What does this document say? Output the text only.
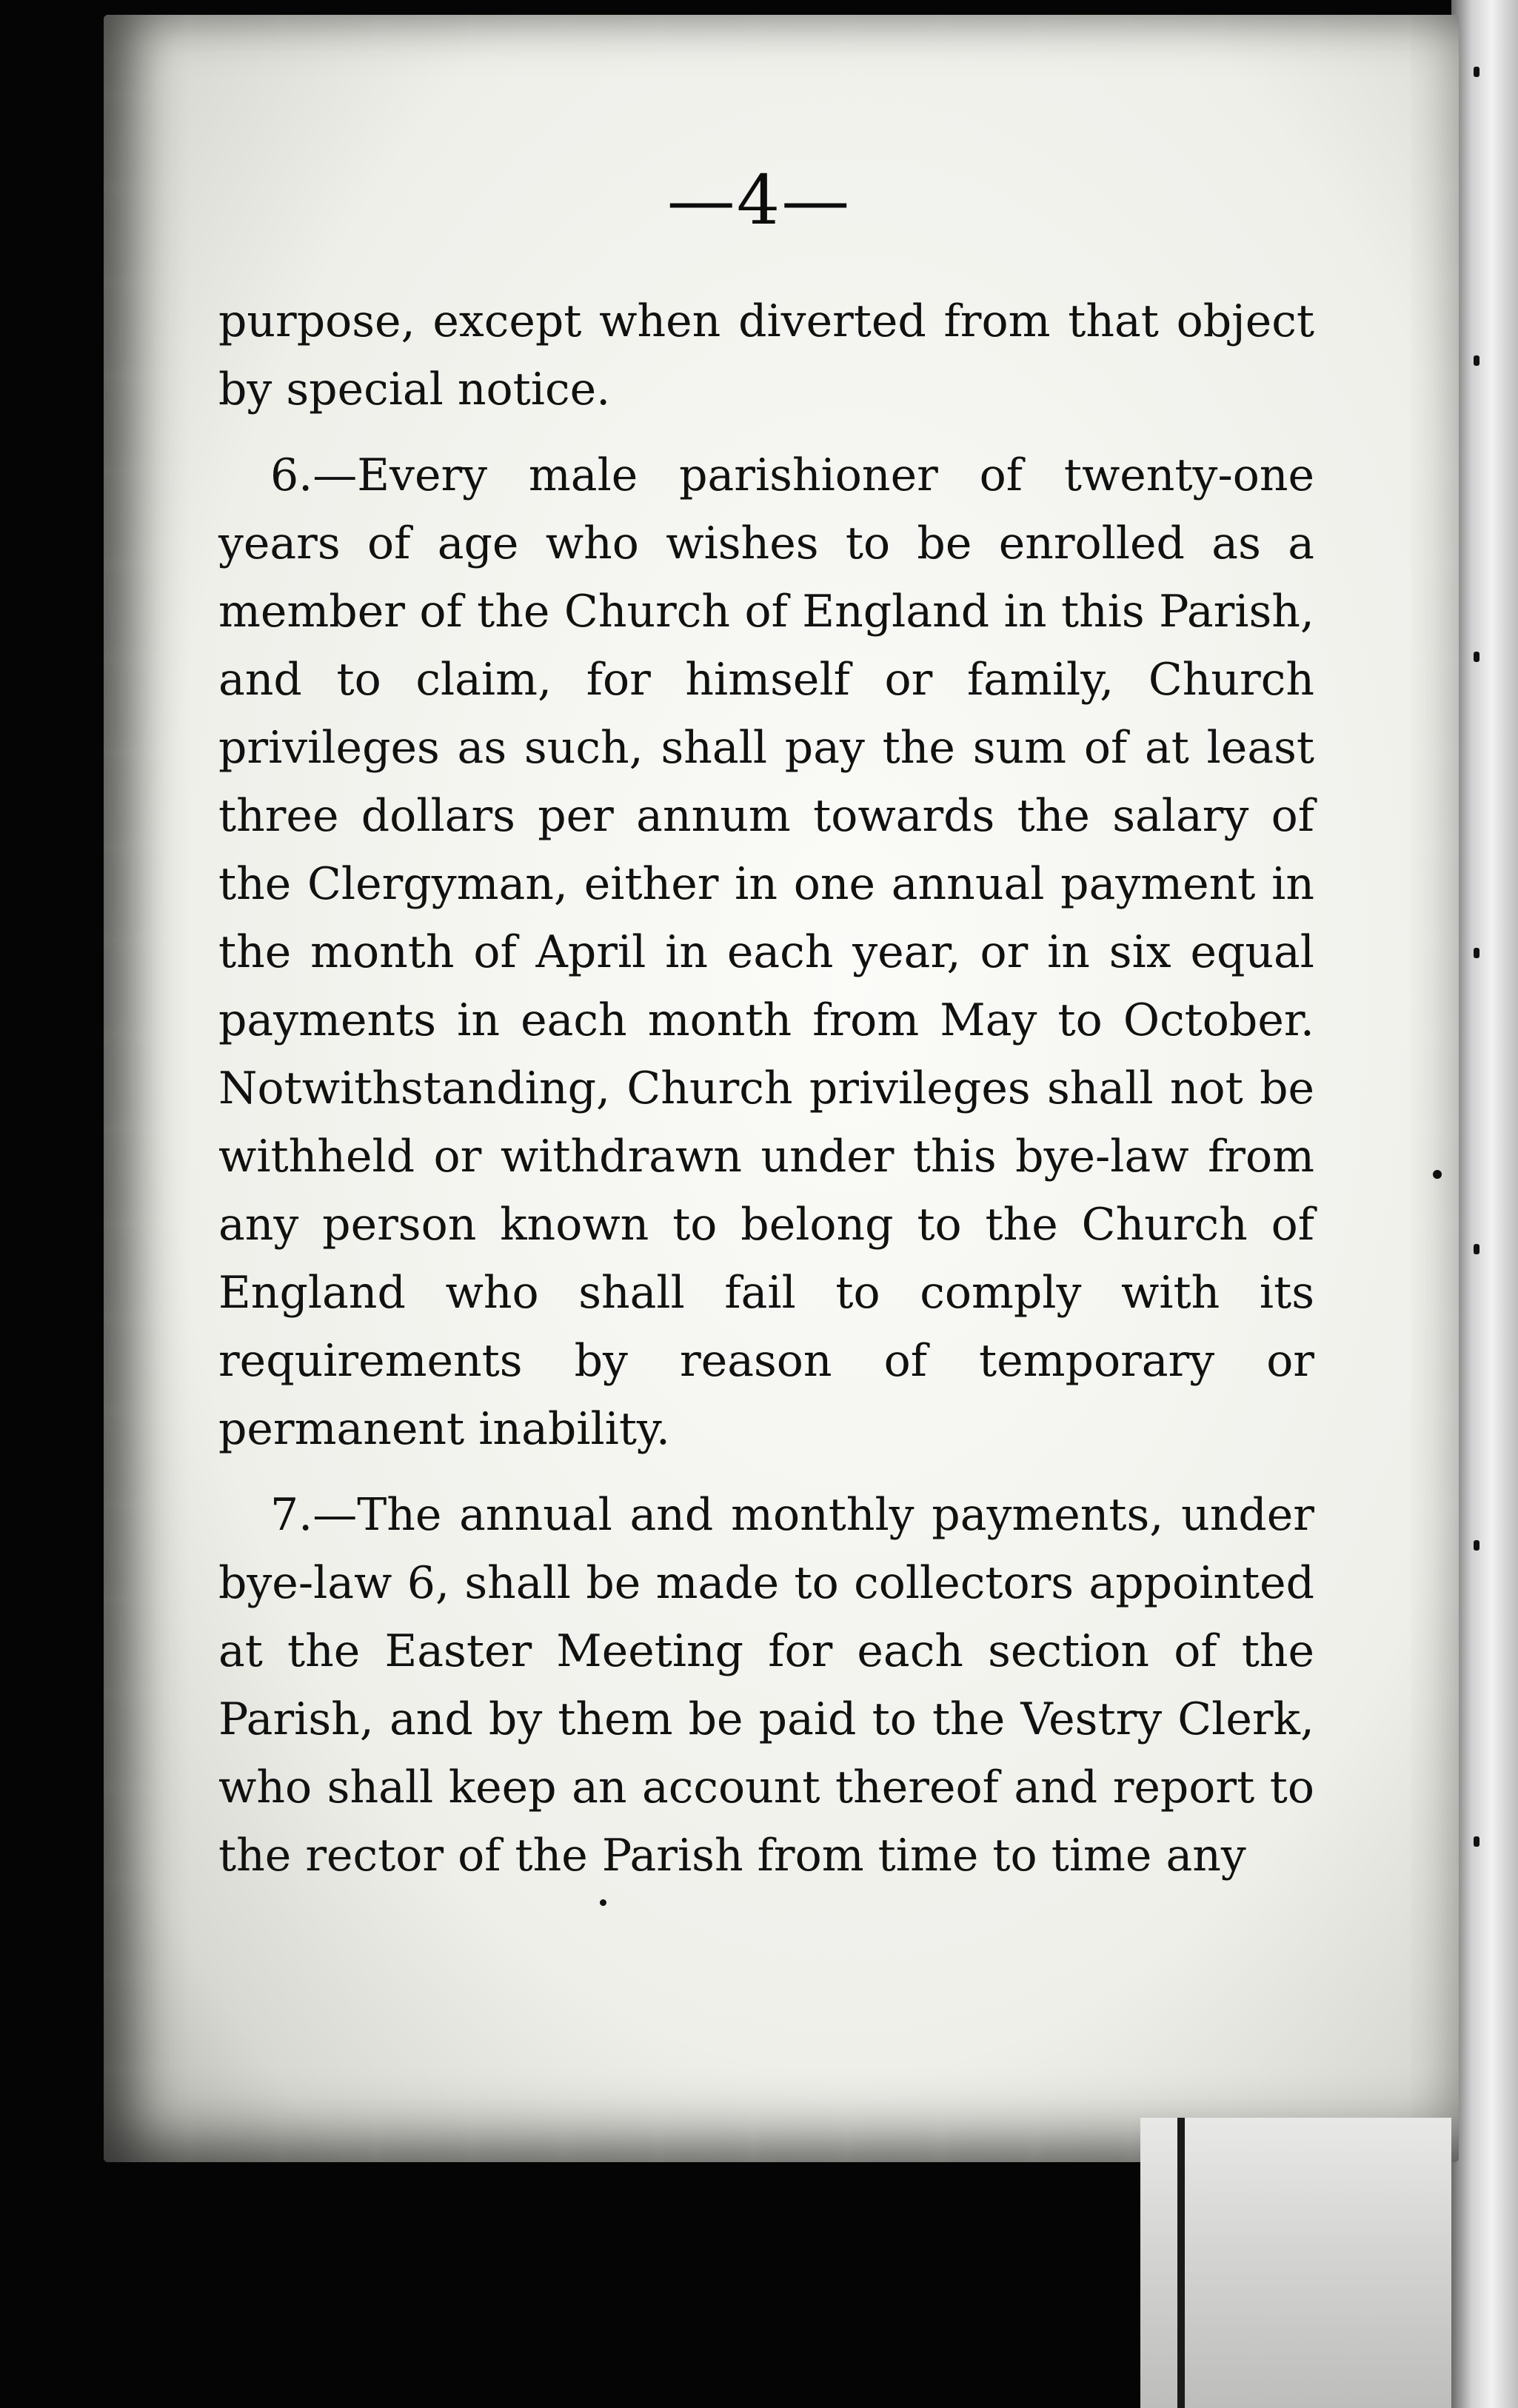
—4—

purpose, except when diverted from that object by special notice.

6.—Every male parishioner of twenty-one years of age who wishes to be enrolled as a member of the Church of England in this Parish, and to claim, for himself or family, Church privileges as such, shall pay the sum of at least three dollars per annum towards the salary of the Clergyman, either in one annual payment in the month of April in each year, or in six equal payments in each month from May to October. Notwithstanding, Church privileges shall not be withheld or withdrawn under this bye-law from any person known to belong to the Church of England who shall fail to comply with its requirements by reason of temporary or permanent inability.

7.—The annual and monthly payments, under bye-law 6, shall be made to collectors appointed at the Easter Meeting for each section of the Parish, and by them be paid to the Vestry Clerk, who shall keep an account thereof and report to the rector of the Parish from time to time any
